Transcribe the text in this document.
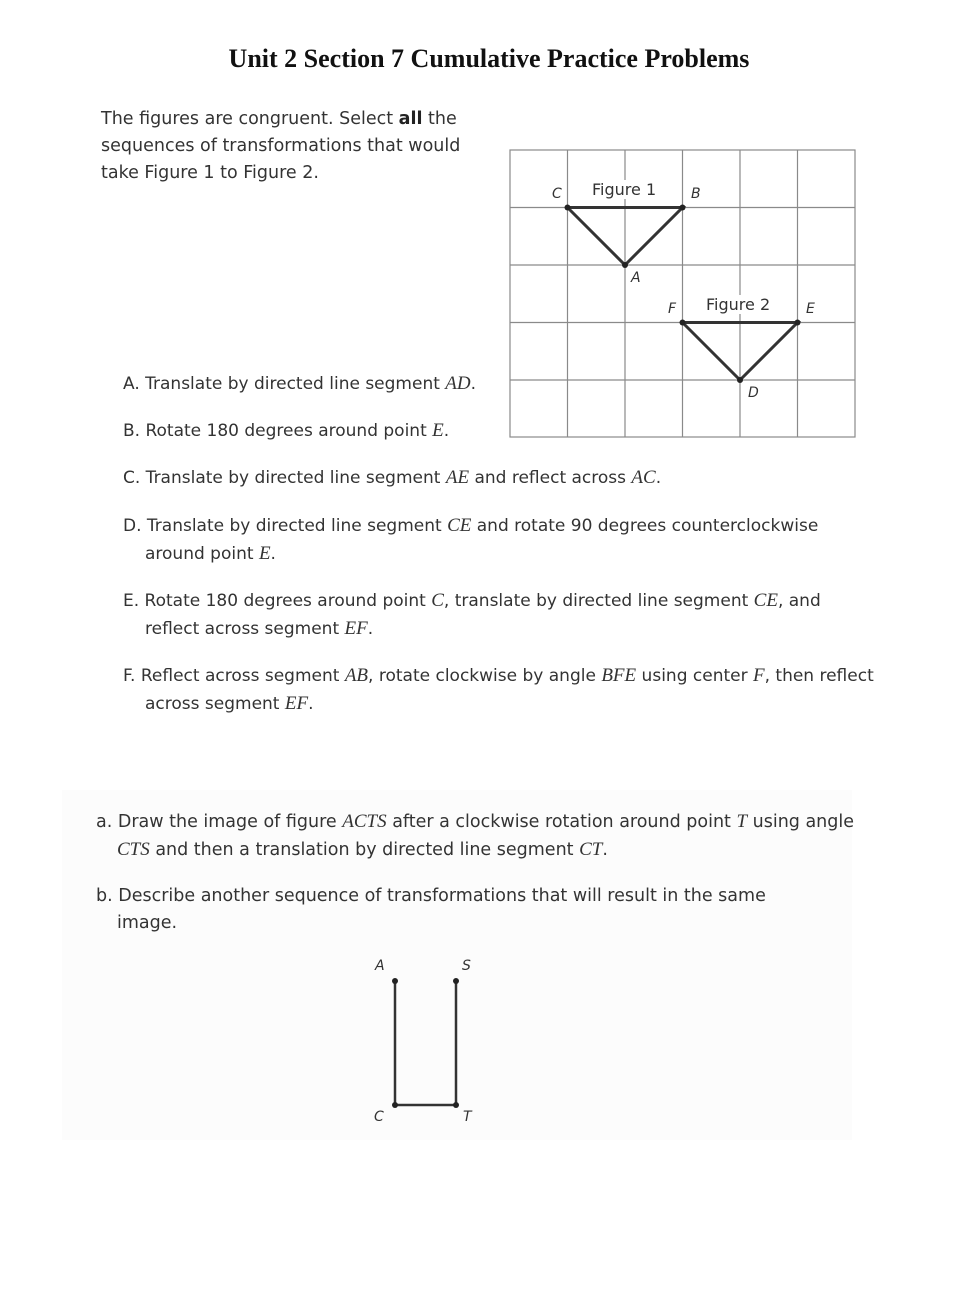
Unit 2 Section 7 Cumulative Practice Problems
The figures are congruent. Select all the sequences of transformations that would take Figure 1 to Figure 2.
Figure 1
Figure 2
C	B
A
F	E
D
A. Translate by directed line segment AD.
B. Rotate 180 degrees around point E.
C. Translate by directed line segment AE and reflect across AC.
D. Translate by directed line segment CE and rotate 90 degrees counterclockwise around point E.
E. Rotate 180 degrees around point C, translate by directed line segment CE, and reflect across segment EF.
F. Reflect across segment AB, rotate clockwise by angle BFE using center F, then reflect across segment EF.
a. Draw the image of figure ACTS after a clockwise rotation around point T using angle CTS and then a translation by directed line segment CT.
b. Describe another sequence of transformations that will result in the same image.
A	S
C	T
